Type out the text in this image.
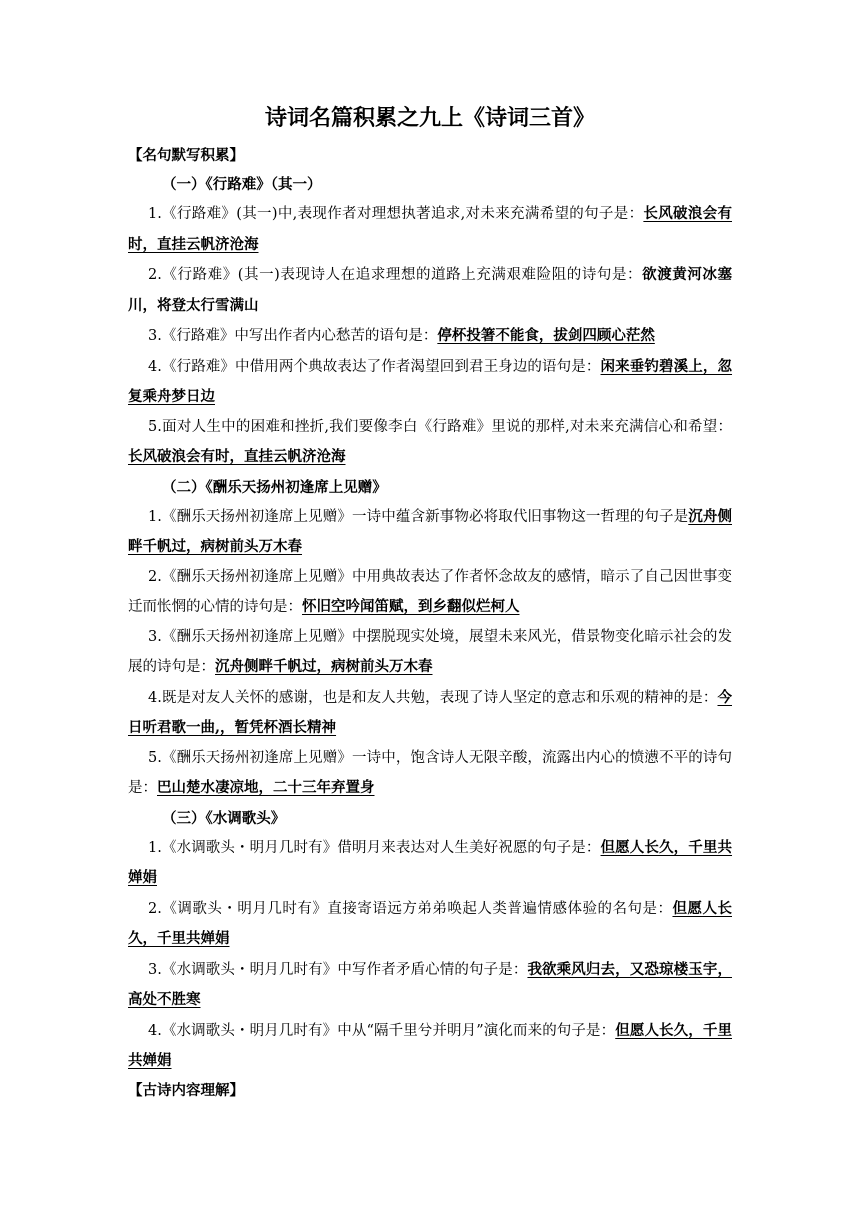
诗词名篇积累之九上《诗词三首》

【名句默写积累】

（一）《行路难》（其一）

1.《行路难》(其一)中,表现作者对理想执著追求,对未来充满希望的句子是：长风破浪会有时，直挂云帆济沧海

2.《行路难》(其一)表现诗人在追求理想的道路上充满艰难险阻的诗句是：欲渡黄河冰塞川，将登太行雪满山

3.《行路难》中写出作者内心愁苦的语句是：停杯投箸不能食，拔剑四顾心茫然

4.《行路难》中借用两个典故表达了作者渴望回到君王身边的语句是：闲来垂钓碧溪上，忽复乘舟梦日边

5.面对人生中的困难和挫折,我们要像李白《行路难》里说的那样,对未来充满信心和希望：长风破浪会有时，直挂云帆济沧海

（二）《酬乐天扬州初逢席上见赠》

1.《酬乐天扬州初逢席上见赠》一诗中蕴含新事物必将取代旧事物这一哲理的句子是沉舟侧畔千帆过，病树前头万木春

2.《酬乐天扬州初逢席上见赠》中用典故表达了作者怀念故友的感情，暗示了自己因世事变迁而怅惘的心情的诗句是：怀旧空吟闻笛赋，到乡翻似烂柯人

3.《酬乐天扬州初逢席上见赠》中摆脱现实处境，展望未来风光，借景物变化暗示社会的发展的诗句是：沉舟侧畔千帆过，病树前头万木春

4.既是对友人关怀的感谢，也是和友人共勉，表现了诗人坚定的意志和乐观的精神的是：今日听君歌一曲,，暂凭杯酒长精神

5.《酬乐天扬州初逢席上见赠》一诗中，饱含诗人无限辛酸，流露出内心的愤懑不平的诗句是：巴山楚水凄凉地，二十三年弃置身

（三）《水调歌头》

1.《水调歌头・明月几时有》借明月来表达对人生美好祝愿的句子是：但愿人长久，千里共婵娟

2.《调歌头・明月几时有》直接寄语远方弟弟唤起人类普遍情感体验的名句是：但愿人长久，千里共婵娟

3.《水调歌头・明月几时有》中写作者矛盾心情的句子是：我欲乘风归去，又恐琼楼玉宇，高处不胜寒

4.《水调歌头・明月几时有》中从“隔千里兮并明月”演化而来的句子是：但愿人长久，千里共婵娟

【古诗内容理解】
